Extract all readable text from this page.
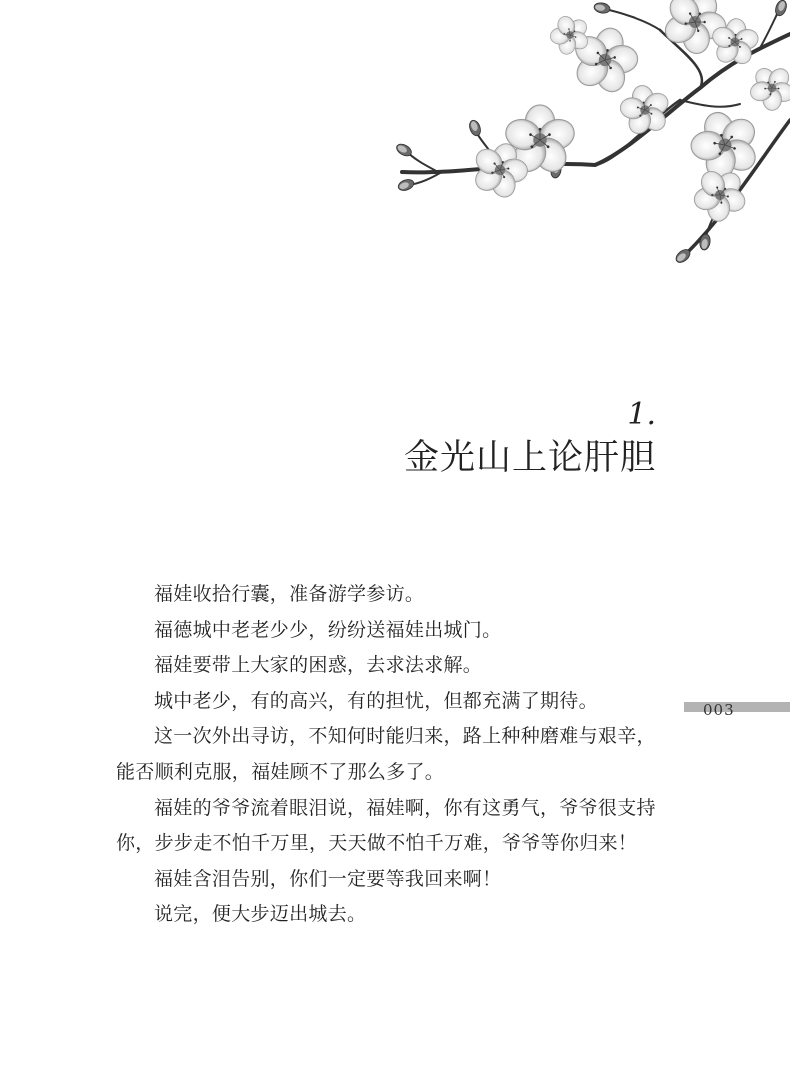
1.
金光山上论肝胆

福娃收拾行囊，准备游学参访。

福德城中老老少少，纷纷送福娃出城门。

福娃要带上大家的困惑，去求法求解。

城中老少，有的高兴，有的担忧，但都充满了期待。

这一次外出寻访，不知何时能归来，路上种种磨难与艰辛，能否顺利克服，福娃顾不了那么多了。

福娃的爷爷流着眼泪说，福娃啊，你有这勇气，爷爷很支持你，步步走不怕千万里，天天做不怕千万难，爷爷等你归来！

福娃含泪告别，你们一定要等我回来啊！

说完，便大步迈出城去。

003
